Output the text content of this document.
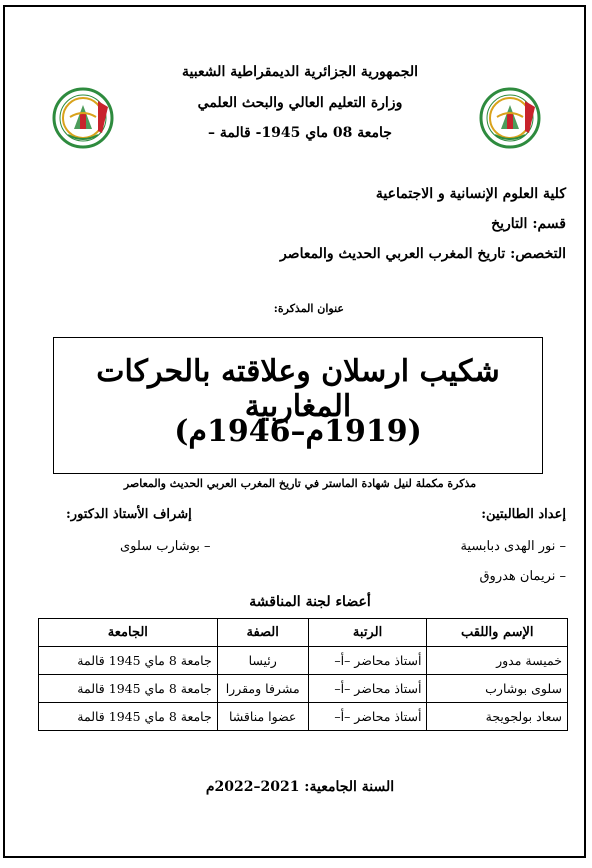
الجمهورية الجزائرية الديمقراطية الشعبية
وزارة التعليم العالي والبحث العلمي
جامعة 08 ماي 1945- قالمة –
كلية العلوم الإنسانية و الاجتماعية
قسم: التاريخ
التخصص: تاريخ المغرب العربي الحديث والمعاصر
عنوان المذكرة:
شكيب ارسلان وعلاقته بالحركات المغاربية
(1919م–1946م)
مذكرة مكملة لنيل شهادة الماستر في تاريخ المغرب العربي الحديث والمعاصر
إعداد الطالبتين:
– نور الهدى دبابسية
– نريمان هدروق
إشراف الأستاذ الدكتور:
– بوشارب سلوى
أعضاء لجنة المناقشة
الإسم واللقب	الرتبة	الصفة	الجامعة
خميسة مدور	أستاذ محاضر –أ–	رئيسا	جامعة 8 ماي 1945 قالمة
سلوى بوشارب	أستاذ محاضر –أ–	مشرفا ومقررا	جامعة 8 ماي 1945 قالمة
سعاد بولجويجة	أستاذ محاضر –أ–	عضوا مناقشا	جامعة 8 ماي 1945 قالمة
السنة الجامعية: 2021–2022م
